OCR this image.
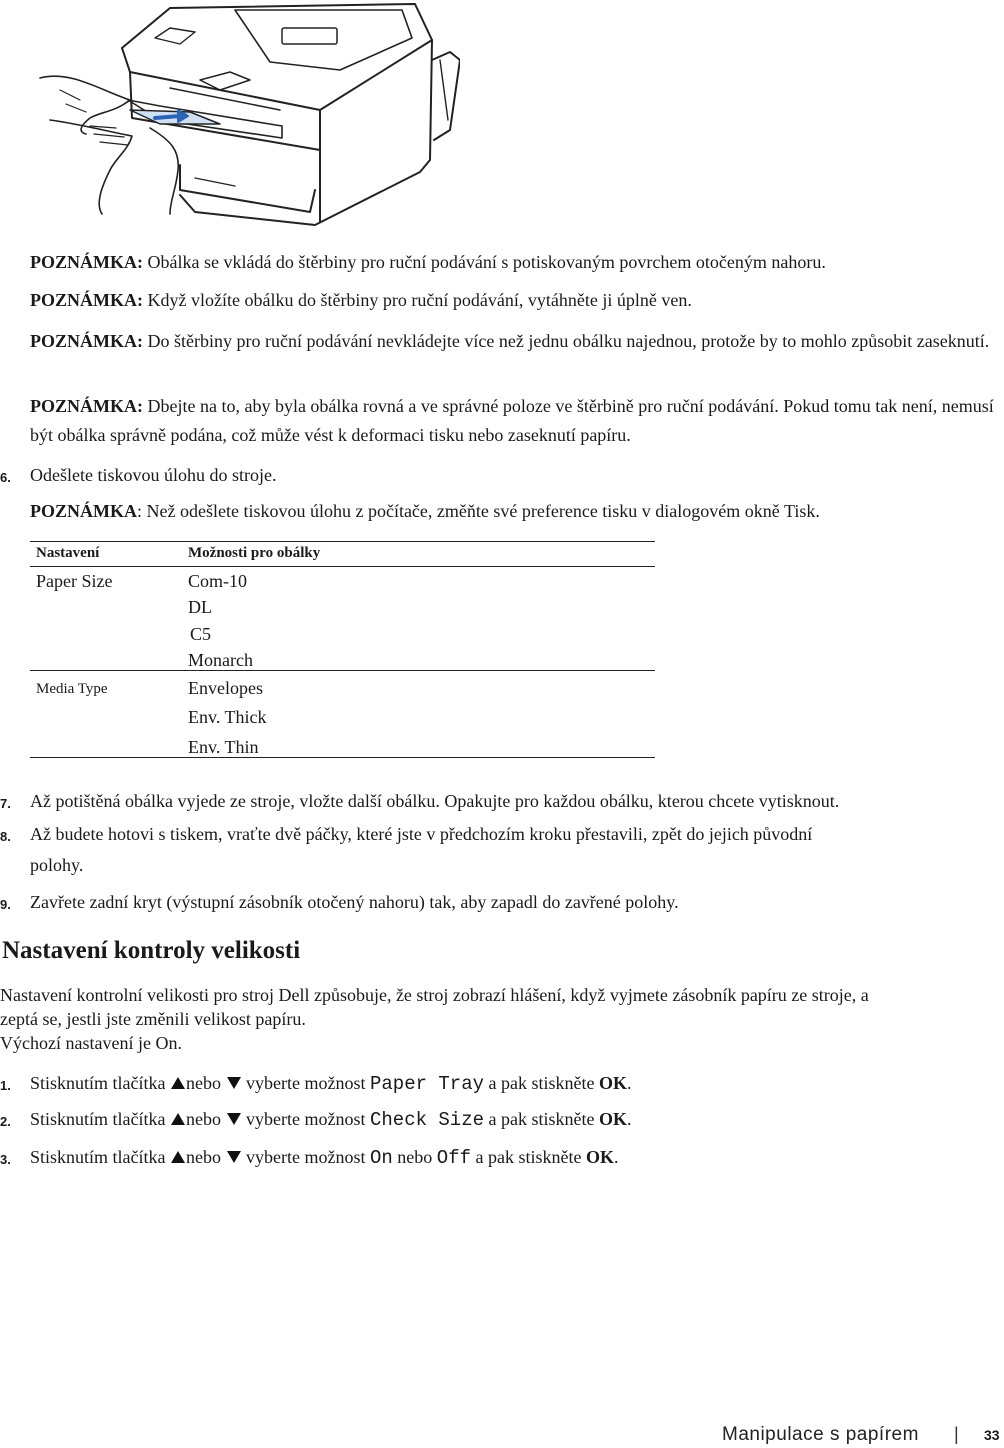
POZNÁMKA: Obálka se vkládá do štěrbiny pro ruční podávání s potiskovaným povrchem otočeným nahoru.
POZNÁMKA: Když vložíte obálku do štěrbiny pro ruční podávání, vytáhněte ji úplně ven.
POZNÁMKA: Do štěrbiny pro ruční podávání nevkládejte více než jednu obálku najednou, protože by to mohlo způsobit zaseknutí.
POZNÁMKA: Dbejte na to, aby byla obálka rovná a ve správné poloze ve štěrbině pro ruční podávání. Pokud tomu tak není, nemusí být obálka správně podána, což může vést k deformaci tisku nebo zaseknutí papíru.
6. Odešlete tiskovou úlohu do stroje.
POZNÁMKA: Než odešlete tiskovou úlohu z počítače, změňte své preference tisku v dialogovém okně Tisk.
Nastavení	Možnosti pro obálky
Paper Size	Com-10
DL
C5
Monarch
Media Type	Envelopes
Env. Thick
Env. Thin
7. Až potištěná obálka vyjede ze stroje, vložte další obálku. Opakujte pro každou obálku, kterou chcete vytisknout.
8. Až budete hotovi s tiskem, vraťte dvě páčky, které jste v předchozím kroku přestavili, zpět do jejich původní
polohy.
9. Zavřete zadní kryt (výstupní zásobník otočený nahoru) tak, aby zapadl do zavřené polohy.
Nastavení kontroly velikosti
Nastavení kontrolní velikosti pro stroj Dell způsobuje, že stroj zobrazí hlášení, když vyjmete zásobník papíru ze stroje, a
zeptá se, jestli jste změnili velikost papíru.
Výchozí nastavení je On.
1. Stisknutím tlačítka nebo vyberte možnost Paper Tray a pak stiskněte OK.
2. Stisknutím tlačítka nebo vyberte možnost Check Size a pak stiskněte OK.
3. Stisknutím tlačítka nebo vyberte možnost On nebo Off a pak stiskněte OK.
Manipulace s papírem | 33
